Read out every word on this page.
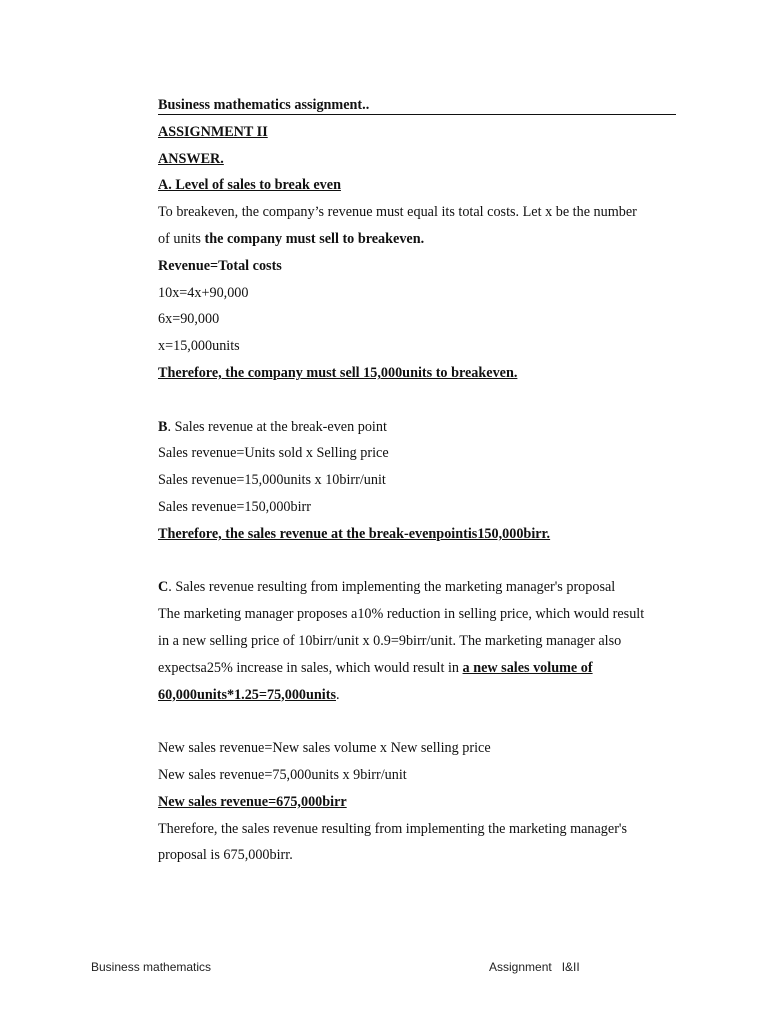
Business mathematics assignment..
ASSIGNMENT II
ANSWER.
A. Level of sales to break even
To breakeven, the company’s revenue must equal its total costs. Let x be the number
of units the company must sell to breakeven.
Revenue=Total costs
10x=4x+90,000
6x=90,000
x=15,000units
Therefore, the company must sell 15,000units to breakeven.
B. Sales revenue at the break-even point
Sales revenue=Units sold x Selling price
Sales revenue=15,000units x 10birr/unit
Sales revenue=150,000birr
Therefore, the sales revenue at the break-evenpointis150,000birr.
C. Sales revenue resulting from implementing the marketing manager's proposal
The marketing manager proposes a10% reduction in selling price, which would result
in a new selling price of 10birr/unit x 0.9=9birr/unit. The marketing manager also
expectsa25% increase in sales, which would result in a new sales volume of
60,000units*1.25=75,000units.
New sales revenue=New sales volume x New selling price
New sales revenue=75,000units x 9birr/unit
New sales revenue=675,000birr
Therefore, the sales revenue resulting from implementing the marketing manager's
proposal is 675,000birr.
Business mathematics	Assignment   I&II
